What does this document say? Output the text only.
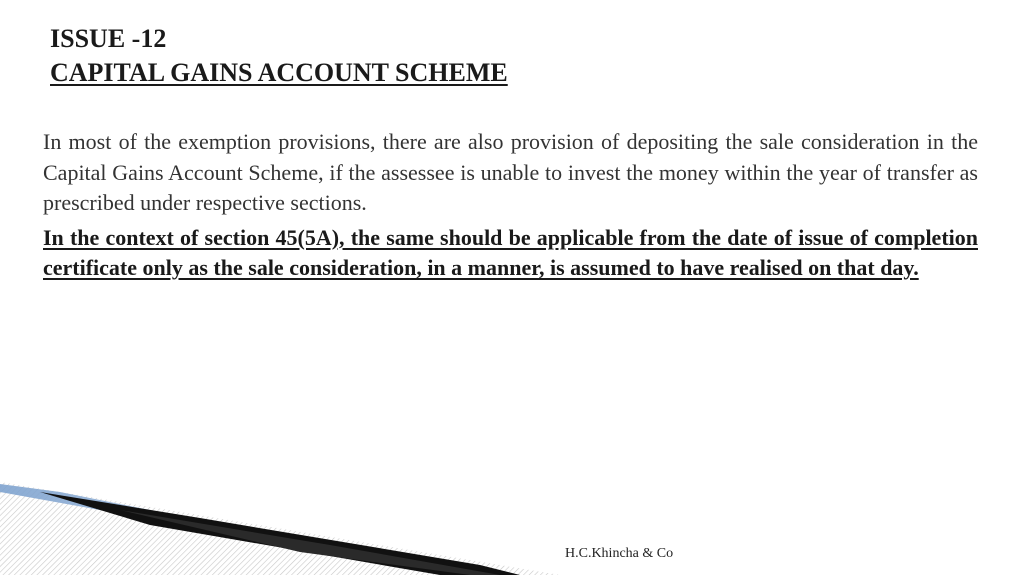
ISSUE -12

CAPITAL GAINS ACCOUNT SCHEME

In most of the exemption provisions, there are also provision of depositing the sale consideration in the Capital Gains Account Scheme, if the assessee is unable to invest the money within the year of transfer as prescribed under respective sections.

In the context of section 45(5A), the same should be applicable from the date of issue of completion certificate only as the sale consideration, in a manner, is assumed to have realised on that day.

H.C.Khincha & Co
